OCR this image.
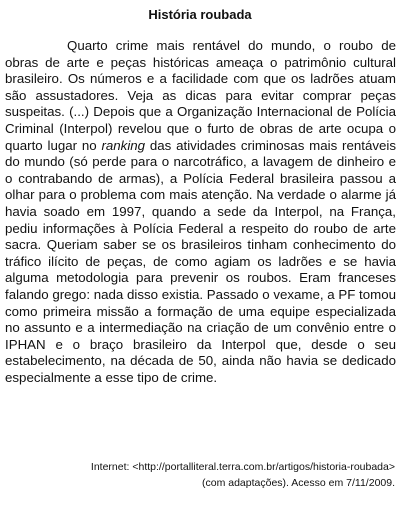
História roubada

Quarto crime mais rentável do mundo, o roubo de obras de arte e peças históricas ameaça o patrimônio cultural brasileiro. Os números e a facilidade com que os ladrões atuam são assustadores. Veja as dicas para evitar comprar peças suspeitas. (...) Depois que a Organização Internacional de Polícia Criminal (Interpol) revelou que o furto de obras de arte ocupa o quarto lugar no ranking das atividades criminosas mais rentáveis do mundo (só perde para o narcotráfico, a lavagem de dinheiro e o contrabando de armas), a Polícia Federal brasileira passou a olhar para o problema com mais atenção. Na verdade o alarme já havia soado em 1997, quando a sede da Interpol, na França, pediu informações à Polícia Federal a respeito do roubo de arte sacra. Queriam saber se os brasileiros tinham conhecimento do tráfico ilícito de peças, de como agiam os ladrões e se havia alguma metodologia para prevenir os roubos. Eram franceses falando grego: nada disso existia. Passado o vexame, a PF tomou como primeira missão a formação de uma equipe especializada no assunto e a intermediação na criação de um convênio entre o IPHAN e o braço brasileiro da Interpol que, desde o seu estabelecimento, na década de 50, ainda não havia se dedicado especialmente a esse tipo de crime.

Internet: <http://portalliteral.terra.com.br/artigos/historia-roubada>
(com adaptações). Acesso em 7/11/2009.
